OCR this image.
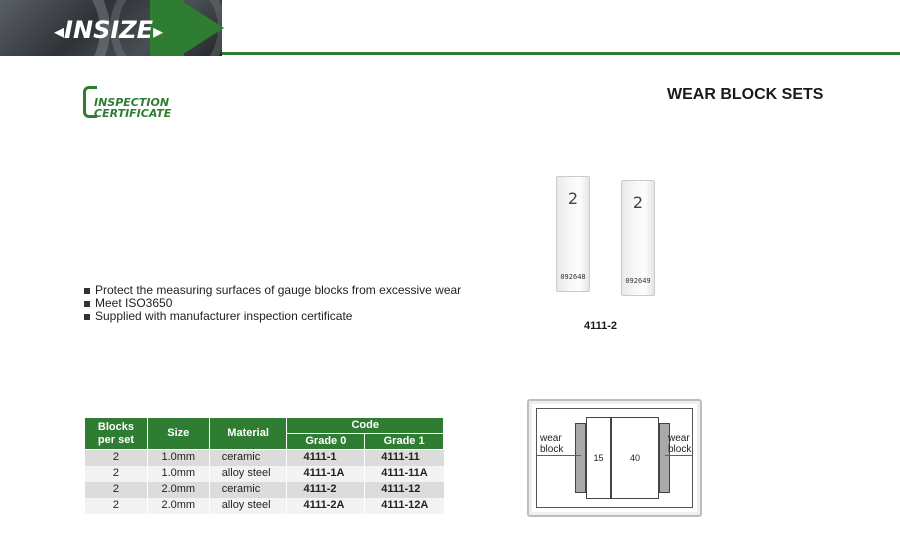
◂INSIZE▸
INSPECTION
CERTIFICATE
WEAR BLOCK SETS
Protect the measuring surfaces of gauge blocks from excessive wear
Meet ISO3650
Supplied with manufacturer inspection certificate
2
092648
2
092649
4111-2
Blocks per set	Size	Material	Code	
			Grade 0	Grade 1
2	1.0mm	ceramic	4111-1	4111-11
2	1.0mm	alloy steel	4111-1A	4111-11A
2	2.0mm	ceramic	4111-2	4111-12
2	2.0mm	alloy steel	4111-2A	4111-12A
15	40
wear
block
wear
block
